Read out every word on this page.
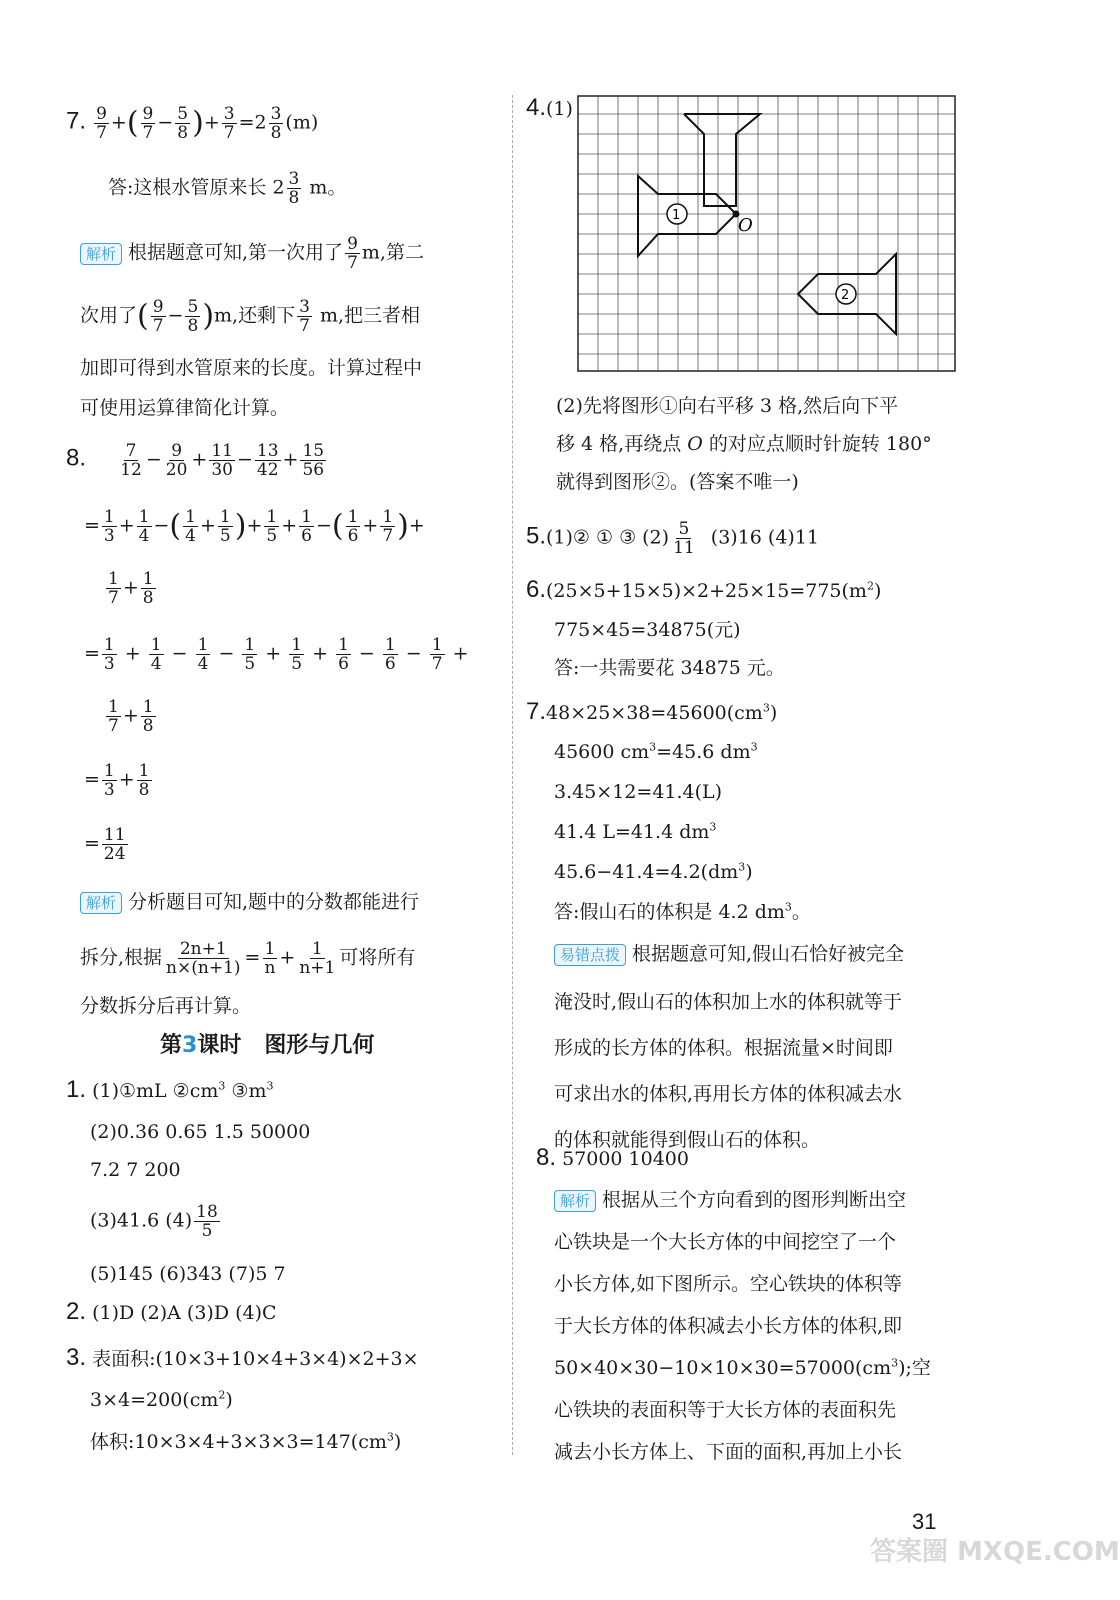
7. $\frac{9}{7}$ +( $\frac{9}{7} - \frac{5}{8}$ )+ $\frac{3}{7} =2 \frac{3}{8} (m)$
答:这根水管原来长 $2 \frac{3}{8}$ m。
解析 根据题意可知,第一次用了 $\frac{9}{7} m$,第二
次用了( $\frac{9}{7} - \frac{5}{8} )m$,还剩下 $\frac{3}{7} m$,把三者相
加即可得到水管原来的长度。计算过程中
可使用运算律简化计算。
8. $\frac{7}{12} - \frac{9}{20} + \frac{11}{30} - \frac{13}{42} + \frac{15}{56}$
= $\frac{1}{3} + \frac{1}{4}$ −( $\frac{1}{4} + \frac{1}{5}$ )+ $\frac{1}{5} + \frac{1}{6}$ −( $\frac{1}{6} + \frac{1}{7}$ )+
$\frac{1}{7} + \frac{1}{8}$
= $\frac{1}{3} + \frac{1}{4} - \frac{1}{4} - \frac{1}{5} + \frac{1}{5} + \frac{1}{6} - \frac{1}{6} - \frac{1}{7}$ +
$\frac{1}{7} + \frac{1}{8}$
= $\frac{1}{3} + \frac{1}{8}$
= $\frac{11}{24}$
解析 分析题目可知,题中的分数都能进行
拆分,根据 $\frac{2n+1}{n\times(n+1)} = \frac{1}{n} + \frac{1}{n+1}$ 可将所有
分数拆分后再计算。
第3课时 图形与几何
1. (1)①mL $②cm^3$ $③m^3$
(2)0.36 0.65 1.5 50000
7.2 7 200
(3)41.6 $(4) \frac{18}{5}$
(5)145 (6)343 (7)5 7
2. (1)D (2)A (3)D (4)C
3. 表面积:(10×3+10×4+3×4)×2+3×
$3\times 4=200(cm^2)$
体积$:10\times 3\times 4+3\times 3\times 3=147(cm^3)$
4.(1)
1
2
O
(2)先将图形①向右平移 3 格,然后向下平
移 4 格,再绕点 O 的对应点顺时针旋转 180°
就得到图形②。(答案不唯一)
5.(1)② ① ③ $(2) \frac{5}{11} (3)16$ (4)11
$6.(25\times 5+15\times 5)\times 2+25\times 15=775(m^2)$
775×45=34875(元)
答:一共需要花 34875 元。
$7.48\times 25\times 38=45600(cm^3)$
45600 $cm^3=45.6$ $dm^3$
3.45×12=41.4(L)
41.4 L=41.4 $dm^3$
$45.6-41.4=4.2(dm^3)$
答:假山石的体积是 4.2 $dm^3$。
易错点拨 根据题意可知,假山石恰好被完全
淹没时,假山石的体积加上水的体积就等于
形成的长方体的体积。根据流量×时间即
可求出水的体积,再用长方体的体积减去水
的体积就能得到假山石的体积。
8. 57000 10400
解析 根据从三个方向看到的图形判断出空
心铁块是一个大长方体的中间挖空了一个
小长方体,如下图所示。空心铁块的体积等
于大长方体的体积减去小长方体的体积,即
$50\times 40\times 30-10\times 10\times 30=57000(cm^3)$;空
心铁块的表面积等于大长方体的表面积先
减去小长方体上、下面的面积,再加上小长
31
答案圈 MXQE.COM
